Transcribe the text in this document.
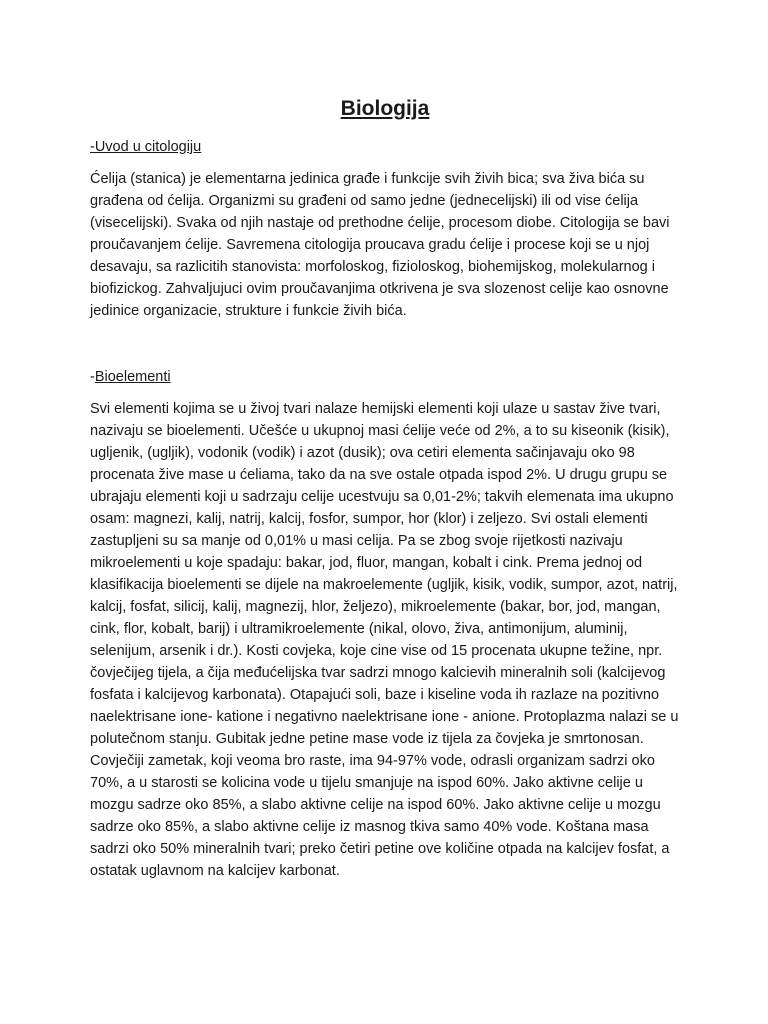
Biologija
-Uvod u citologiju

Ćelija (stanica) je elementarna jedinica građe i funkcije svih živih bica; sva živa bića su građena od ćelija. Organizmi su građeni od samo jedne (jednecelijski) ili od vise ćelija (visecelijski). Svaka od njih nastaje od prethodne ćelije, procesom diobe. Citologija se bavi proučavanjem ćelije. Savremena citologija proucava gradu ćelije i procese koji se u njoj desavaju, sa razlicitih stanovista: morfoloskog, fizioloskog, biohemijskog, molekularnog i biofizickog. Zahvaljujuci ovim proučavanjima otkrivena je sva slozenost celije kao osnovne jedinice organizacie, strukture i funkcie živih bića.

-Bioelementi

Svi elementi kojima se u živoj tvari nalaze hemijski elementi koji ulaze u sastav žive tvari, nazivaju se bioelementi. Učešće u ukupnoj masi ćelije veće od 2%, a to su kiseonik (kisik), ugljenik, (ugljik), vodonik (vodik) i azot (dusik); ova cetiri elementa sačinjavaju oko 98 procenata žive mase u ćeliama, tako da na sve ostale otpada ispod 2%. U drugu grupu se ubrajaju elementi koji u sadrzaju celije ucestvuju sa 0,01-2%; takvih elemenata ima ukupno osam: magnezi, kalij, natrij, kalcij, fosfor, sumpor, hor (klor) i zeljezo. Svi ostali elementi zastupljeni su sa manje od 0,01% u masi celija. Pa se zbog svoje rijetkosti nazivaju mikroelementi u koje spadaju: bakar, jod, fluor, mangan, kobalt i cink. Prema jednoj od klasifikacija bioelementi se dijele na makroelemente (ugljik, kisik, vodik, sumpor, azot, natrij, kalcij, fosfat, silicij, kalij, magnezij, hlor, željezo), mikroelemente (bakar, bor, jod, mangan, cink, flor, kobalt, barij) i ultramikroelemente (nikal, olovo, živa, antimonijum, aluminij, selenijum, arsenik i dr.). Kosti covjeka, koje cine vise od 15 procenata ukupne težine, npr. čovječijeg tijela, a čija međućelijska tvar sadrzi mnogo kalcievih mineralnih soli (kalcijevog fosfata i kalcijevog karbonata). Otapajući soli, baze i kiseline voda ih razlaze na pozitivno naelektrisane ione- katione i negativno naelektrisane ione - anione. Protoplazma nalazi se u polutečnom stanju. Gubitak jedne petine mase vode iz tijela za čovjeka je smrtonosan. Covječiji zametak, koji veoma bro raste, ima 94-97% vode, odrasli organizam sadrzi oko 70%, a u starosti se kolicina vode u tijelu smanjuje na ispod 60%. Jako aktivne celije u mozgu sadrze oko 85%, a slabo aktivne celije na ispod 60%. Jako aktivne celije u mozgu sadrze oko 85%, a slabo aktivne celije iz masnog tkiva samo 40% vode. Koštana masa sadrzi oko 50% mineralnih tvari; preko četiri petine ove količine otpada na kalcijev fosfat, a ostatak uglavnom na kalcijev karbonat.
